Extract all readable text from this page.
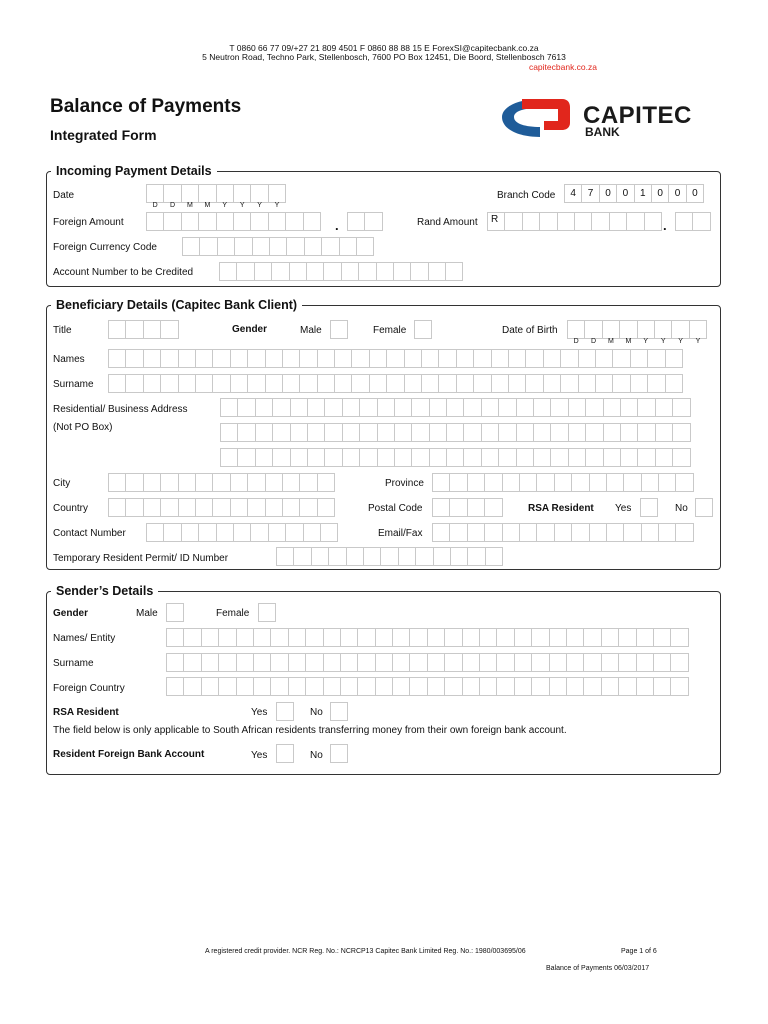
T 0860 66 77 09/+27 21 809 4501 F 0860 88 88 15 E ForexSI@capitecbank.co.za
5 Neutron Road, Techno Park, Stellenbosch, 7600 PO Box 12451, Die Boord, Stellenbosch 7613
capitecbank.co.za
Balance of Payments
Integrated Form
CAPITEC
BANK
Incoming Payment Details
Beneficiary Details (Capitec Bank Client)
Sender’s Details
Date
D	D	M	M	Y	Y	Y	Y
Branch Code	4	7	0	0	1	0	0	0
Foreign Amount	.	Rand Amount	R	.
Foreign Currency Code
Account Number to be Credited
Title	Gender	Male	Female	Date of Birth
D	D	M	M	Y	Y	Y	Y
Names
Surname
Residential/ Business Address
(Not PO Box)
City	Province
Country	Postal Code	RSA Resident Yes	No
Contact Number	Email/Fax
Temporary Resident Permit/ ID Number
Gender	Male	Female
Names/ Entity
Surname
Foreign Country
RSA Resident	Yes	No
The field below is only applicable to South African residents transferring money from their own foreign bank account.
Resident Foreign Bank Account	Yes	No
A registered credit provider. NCR Reg. No.: NCRCP13 Capitec Bank Limited Reg. No.: 1980/003695/06	Page 1 of 6
Balance of Payments 06/03/2017
